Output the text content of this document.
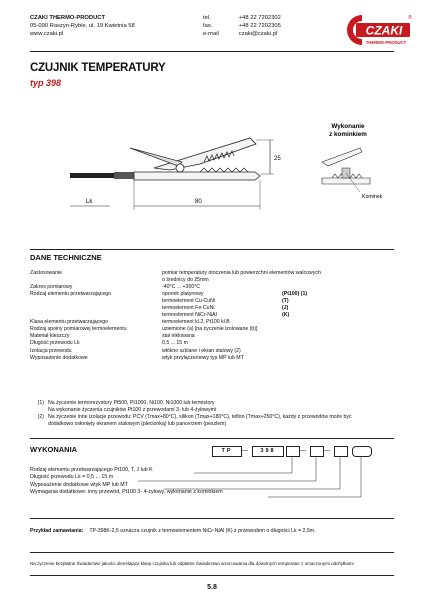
CZAKI THERMO-PRODUCT
05-090 Raszyn-Rybie, ul. 19 Kwietnia 58
www.czaki.pl
tel.	+48 22 7202302
fax.	+48 22 7202305
e-mail	czaki@czaki.pl	CZAKI
THERMO-PRODUCT
®
CZUJNIK TEMPERATURY
typ 398
25
80
Lk
Wykonanie
z kominkiem
Kominek
DANE TECHNICZNE
Zastosowanie	pomiar temperatury otoczenia lub powierzchni elementów walcowych
o średnicy do 25mm
Zakres pomiarowy	-40°C ... +300°C
Rodzaj elementu przetwarzającego	opornik platynowy	(Pt100) (1)
termoelement Cu-CuNi	(T)
termoelement Fe-CuNi	(J)
termoelement NiCr-NiAl	(K)
Klasa elementu przetwarzającego	termoelement kl.2, Pt100 kl.B
Rodzaj spoiny pomiarowej termoelementu	uziemione (a) [na życzenie izolowane (b)]
Materiał kleszczy	stal niklowana
Długość przewodu Lk	0,5 ... 15 m
Izolacja przewodu	włókno szklane i ekran stalowy (2)
Wyposażenie dodatkowe	wtyk przyłączeniowy typ MP lub MT
(1) Na życzenie termorezystory Pt500, Pt1000, Ni100, Ni1000 lub termistory
Na wykonanie życzenia czujników Pt100 z przewodami 3- lub 4-żyłowymi
(2) Na życzenie inne izolacje przewodu: PCV (Tmax+80°C), silikon (Tmax+180°C), teflon (Tmax+250°C), każdy z przewodów może być
dodatkowo osłonięty ekranem stalowym (plecionką) lub pancerzem (peszlem)
WYKONANIA	TP	—	398	—	—
Rodzaj elementu przetwarzającego Pt100, T, J lub K
Długość przewodu Lk = 0,5 ... 15 m
Wyposażenie dodatkowe wtyk MP lub MT
Wymagania dodatkowe: inny przewód, Pt100 3- 4-żyłowy, wykonanie z kominkiem
Przykład zamawiania: TP-398K-2,5 oznacza czujnik z termoelementem NiCr-NiAl (K) z przewodem o długości Lk = 2,5m.
Na życzenie bezpłatne Świadectwo jakości określające klasę czujnika lub odpłatne Świadectwo wzorcowania dla dowolnych temperatur z omaczonymi odchyłkami
5.8
